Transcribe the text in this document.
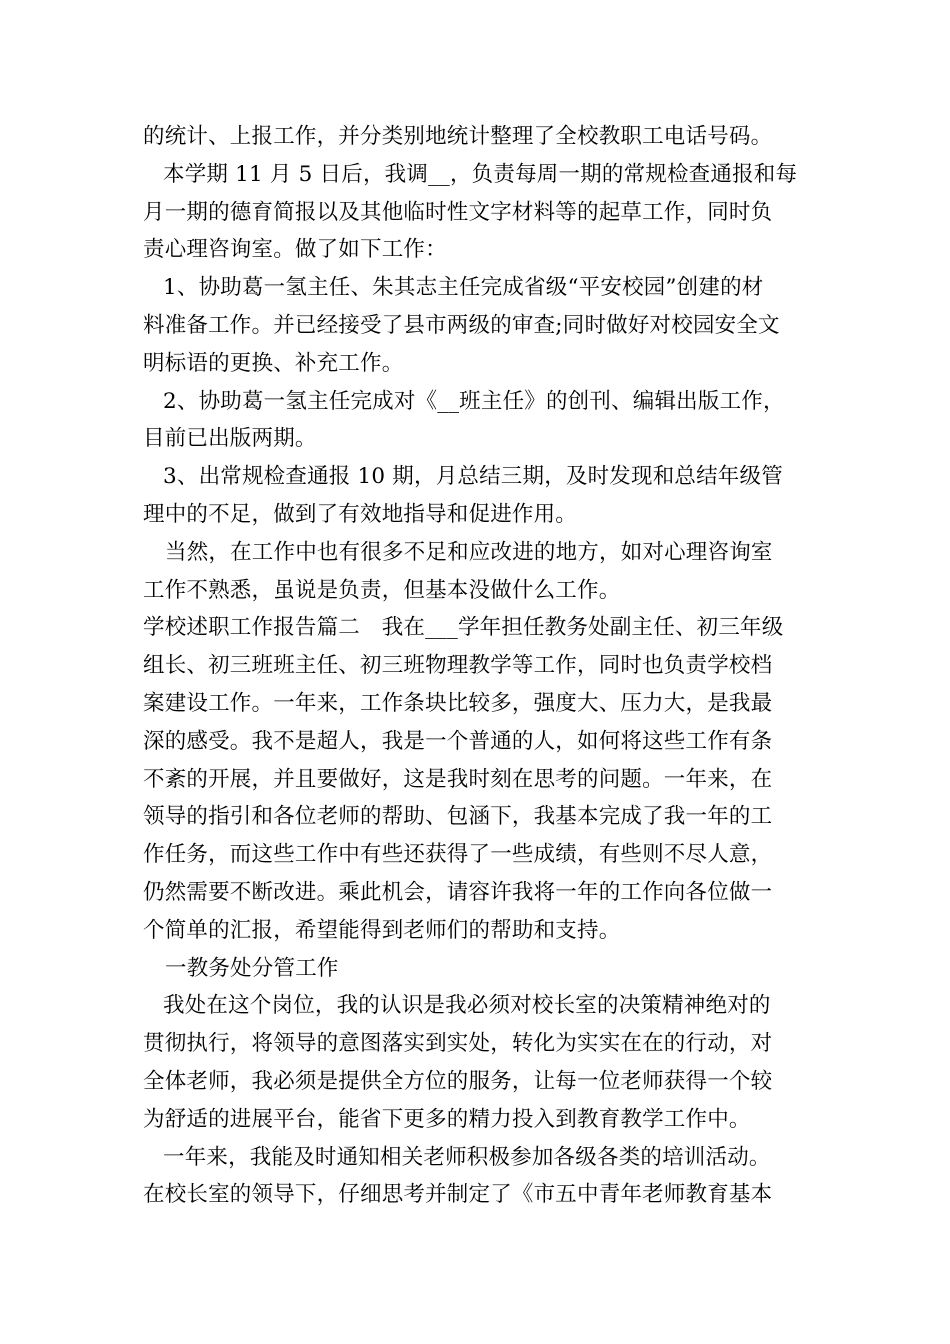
的统计、上报工作，并分类别地统计整理了全校教职工电话号码。
本学期 11 月 5 日后，我调__，负责每周一期的常规检查通报和每
月一期的德育简报以及其他临时性文字材料等的起草工作，同时负
责心理咨询室。做了如下工作：
1、协助葛一氢主任、朱其志主任完成省级“平安校园”创建的材
料准备工作。并已经接受了县市两级的审查;同时做好对校园安全文
明标语的更换、补充工作。
2、协助葛一氢主任完成对《__班主任》的创刊、编辑出版工作，
目前已出版两期。
3、出常规检查通报 10 期，月总结三期，及时发现和总结年级管
理中的不足，做到了有效地指导和促进作用。
当然，在工作中也有很多不足和应改进的地方，如对心理咨询室
工作不熟悉，虽说是负责，但基本没做什么工作。
学校述职工作报告篇二　我在___学年担任教务处副主任、初三年级
组长、初三班班主任、初三班物理教学等工作，同时也负责学校档
案建设工作。一年来，工作条块比较多，强度大、压力大，是我最
深的感受。我不是超人，我是一个普通的人，如何将这些工作有条
不紊的开展，并且要做好，这是我时刻在思考的问题。一年来，在
领导的指引和各位老师的帮助、包涵下，我基本完成了我一年的工
作任务，而这些工作中有些还获得了一些成绩，有些则不尽人意，
仍然需要不断改进。乘此机会，请容许我将一年的工作向各位做一
个简单的汇报，希望能得到老师们的帮助和支持。
一教务处分管工作
我处在这个岗位，我的认识是我必须对校长室的决策精神绝对的
贯彻执行，将领导的意图落实到实处，转化为实实在在的行动，对
全体老师，我必须是提供全方位的服务，让每一位老师获得一个较
为舒适的进展平台，能省下更多的精力投入到教育教学工作中。
一年来，我能及时通知相关老师积极参加各级各类的培训活动。
在校长室的领导下，仔细思考并制定了《市五中青年老师教育基本
